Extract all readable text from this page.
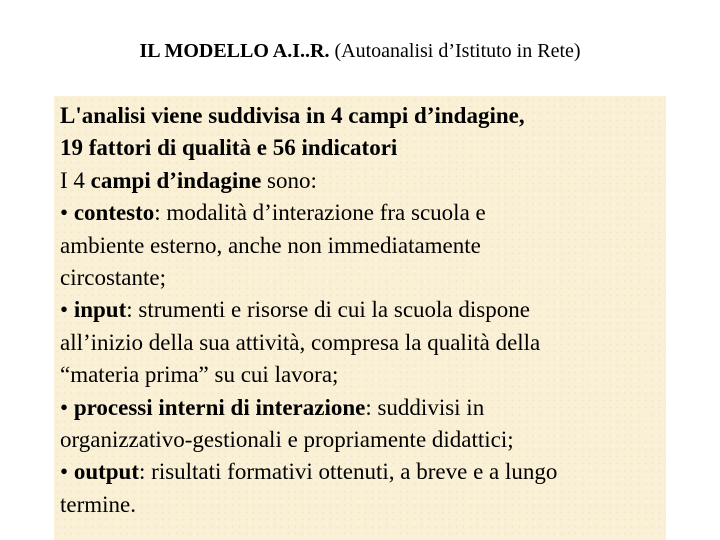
IL MODELLO A.I..R. (Autoanalisi d’Istituto in Rete)

L'analisi viene suddivisa in 4 campi d’indagine,

19 fattori di qualità e 56 indicatori

I 4 campi d’indagine sono:

• contesto: modalità d’interazione fra scuola e

ambiente esterno, anche non immediatamente

circostante;

• input: strumenti e risorse di cui la scuola dispone

all’inizio della sua attività, compresa la qualità della

“materia prima” su cui lavora;

• processi interni di interazione: suddivisi in

organizzativo-gestionali e propriamente didattici;

• output: risultati formativi ottenuti, a breve e a lungo

termine.
